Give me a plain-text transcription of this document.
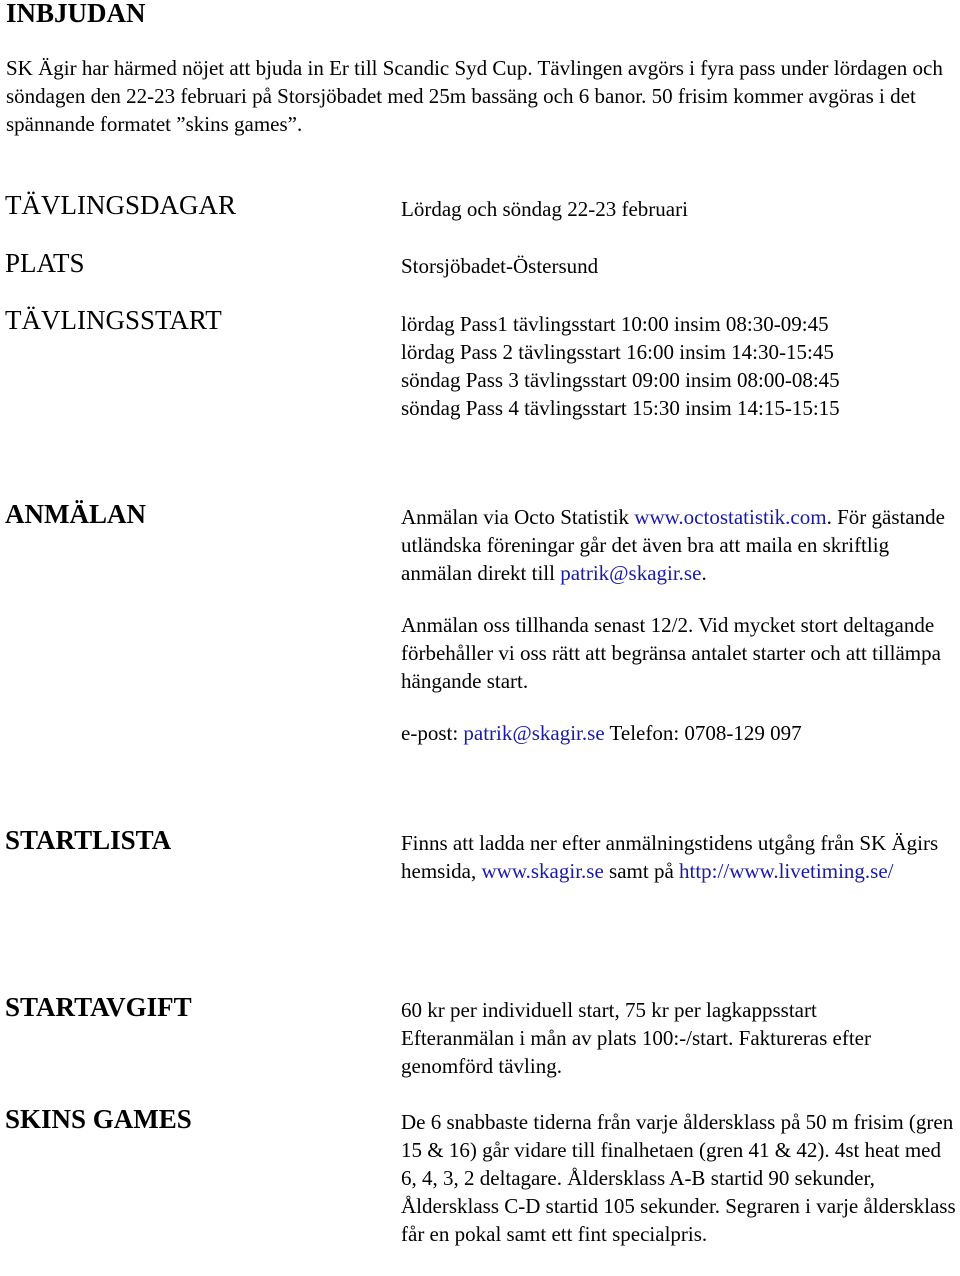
INBJUDAN

SK Ägir har härmed nöjet att bjuda in Er till Scandic Syd Cup. Tävlingen avgörs i fyra pass under lördagen och söndagen den 22-23 februari på Storsjöbadet med 25m bassäng och 6 banor. 50 frisim kommer avgöras i det spännande formatet ”skins games”.

TÄVLINGSDAGAR	Lördag och söndag 22-23 februari
PLATS	Storsjöbadet-Östersund
TÄVLINGSSTART	lördag Pass1 tävlingsstart 10:00 insim 08:30-09:45
lördag Pass 2 tävlingsstart 16:00 insim 14:30-15:45
söndag Pass 3 tävlingsstart 09:00 insim 08:00-08:45
söndag Pass 4 tävlingsstart 15:30 insim 14:15-15:15
ANMÄLAN	Anmälan via Octo Statistik www.octostatistik.com. För gästande utländska föreningar går det även bra att maila en skriftlig anmälan direkt till patrik@skagir.se.

Anmälan oss tillhanda senast 12/2. Vid mycket stort deltagande förbehåller vi oss rätt att begränsa antalet starter och att tillämpa hängande start.

e-post: patrik@skagir.se Telefon: 0708-129 097

STARTLISTA	Finns att ladda ner efter anmälningstidens utgång från SK Ägirs hemsida, www.skagir.se samt på http://www.livetiming.se/

STARTAVGIFT	60 kr per individuell start, 75 kr per lagkappsstart

Efteranmälan i mån av plats 100:-/start. Faktureras efter genomförd tävling.

SKINS GAMES	De 6 snabbaste tiderna från varje åldersklass på 50 m frisim (gren 15 & 16) går vidare till finalhetaen (gren 41 & 42). 4st heat med 6, 4, 3, 2 deltagare. Åldersklass A-B startid 90 sekunder, Åldersklass C-D startid 105 sekunder. Segraren i varje åldersklass får en pokal samt ett fint specialpris.
